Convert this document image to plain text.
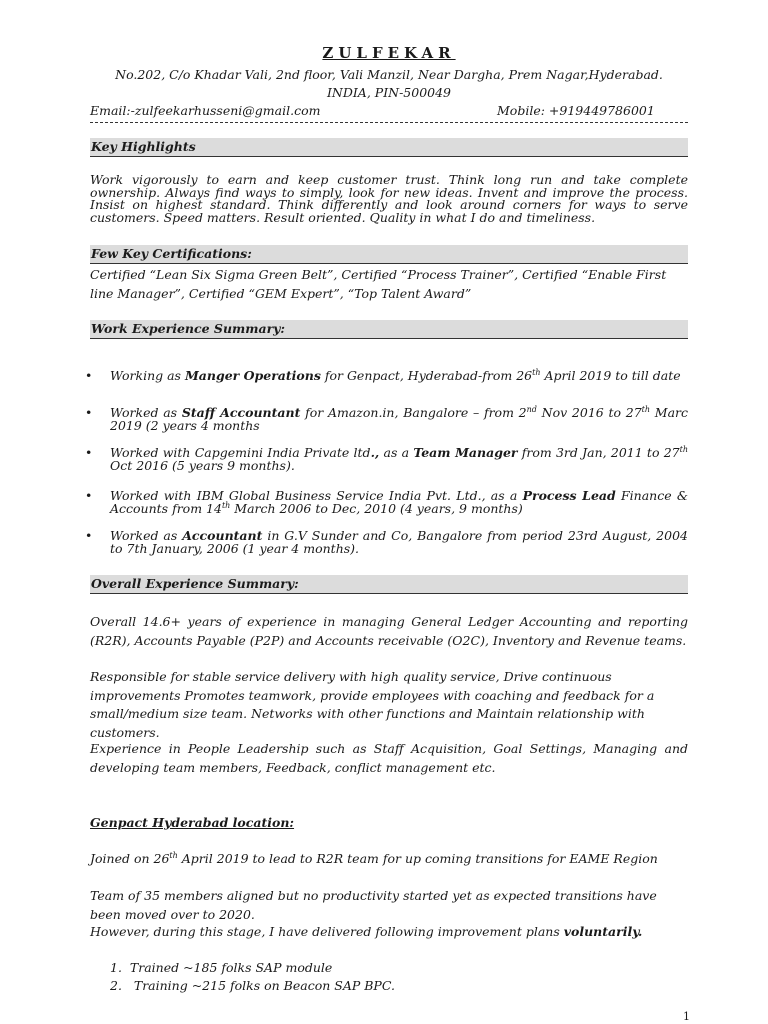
ZULFEKAR
No.202, C/o Khadar Vali, 2nd floor, Vali Manzil, Near Dargha, Prem Nagar,Hyderabad.
INDIA, PIN-500049
Email:-zulfeekarhusseni@gmail.com	Mobile: +919449786001
Key Highlights
Work vigorously to earn and keep customer trust. Think long run and take complete ownership. Always find ways to simply, look for new ideas. Invent and improve the process. Insist on highest standard. Think differently and look around corners for ways to serve customers. Speed matters. Result oriented. Quality in what I do and timeliness.
Few Key Certifications:
Certified “Lean Six Sigma Green Belt”, Certified “Process Trainer”, Certified “Enable First line Manager”, Certified “GEM Expert”, “Top Talent Award”
Work Experience Summary:
• Working as Manger Operations for Genpact, Hyderabad-from 26th April 2019 to till date
• Worked as Staff Accountant for Amazon.in, Bangalore – from 2nd Nov 2016 to 27th Marc 2019 (2 years 4 months
• Worked with Capgemini India Private ltd., as a Team Manager from 3rd Jan, 2011 to 27th Oct 2016 (5 years 9 months).
• Worked with IBM Global Business Service India Pvt. Ltd., as a Process Lead Finance & Accounts from 14th March 2006 to Dec, 2010 (4 years, 9 months)
• Worked as Accountant in G.V Sunder and Co, Bangalore from period 23rd August, 2004 to 7th January, 2006 (1 year 4 months).
Overall Experience Summary:
Overall 14.6+ years of experience in managing General Ledger Accounting and reporting (R2R), Accounts Payable (P2P) and Accounts receivable (O2C), Inventory and Revenue teams.
Responsible for stable service delivery with high quality service, Drive continuous improvements Promotes teamwork, provide employees with coaching and feedback for a small/medium size team. Networks with other functions and Maintain relationship with customers.
Experience in People Leadership such as Staff Acquisition, Goal Settings, Managing and developing team members, Feedback, conflict management etc.
Genpact Hyderabad location:
Joined on 26th April 2019 to lead to R2R team for up coming transitions for EAME Region
Team of 35 members aligned but no productivity started yet as expected transitions have been moved over to 2020.
However, during this stage, I have delivered following improvement plans voluntarily.
1. Trained ~185 folks SAP module
2. Training ~215 folks on Beacon SAP BPC.
1
